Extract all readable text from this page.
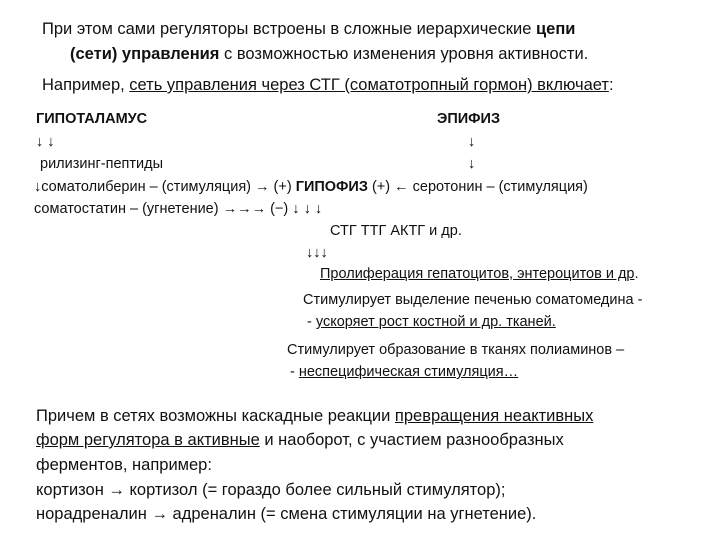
При этом сами регуляторы встроены в сложные иерархические цепи
(сети) управления с возможностью изменения уровня активности.
Например, сеть управления через СТГ (соматотропный гормон) включает:
ГИПОТАЛАМУС	ЭПИФИЗ
↓ ↓	↓
рилизинг-пептиды	↓
↓соматолиберин – (стимуляция) → (+) ГИПОФИЗ (+) ← серотонин – (стимуляция)
соматостатин – (угнетение) →→→ (−) ↓ ↓ ↓
СТГ ТТГ АКТГ и др.
↓↓↓
Пролиферация гепатоцитов, энтероцитов и др.
Стимулирует выделение печенью соматомедина -
- ускоряет рост костной и др. тканей.
Стимулирует образование в тканях полиаминов –
- неспецифическая стимуляция…
Причем в сетях возможны каскадные реакции превращения неактивных
форм регулятора в активные и наоборот, с участием разнообразных
ферментов, например:
кортизон → кортизол (= гораздо более сильный стимулятор);
норадреналин → адреналин (= смена стимуляции на угнетение).
